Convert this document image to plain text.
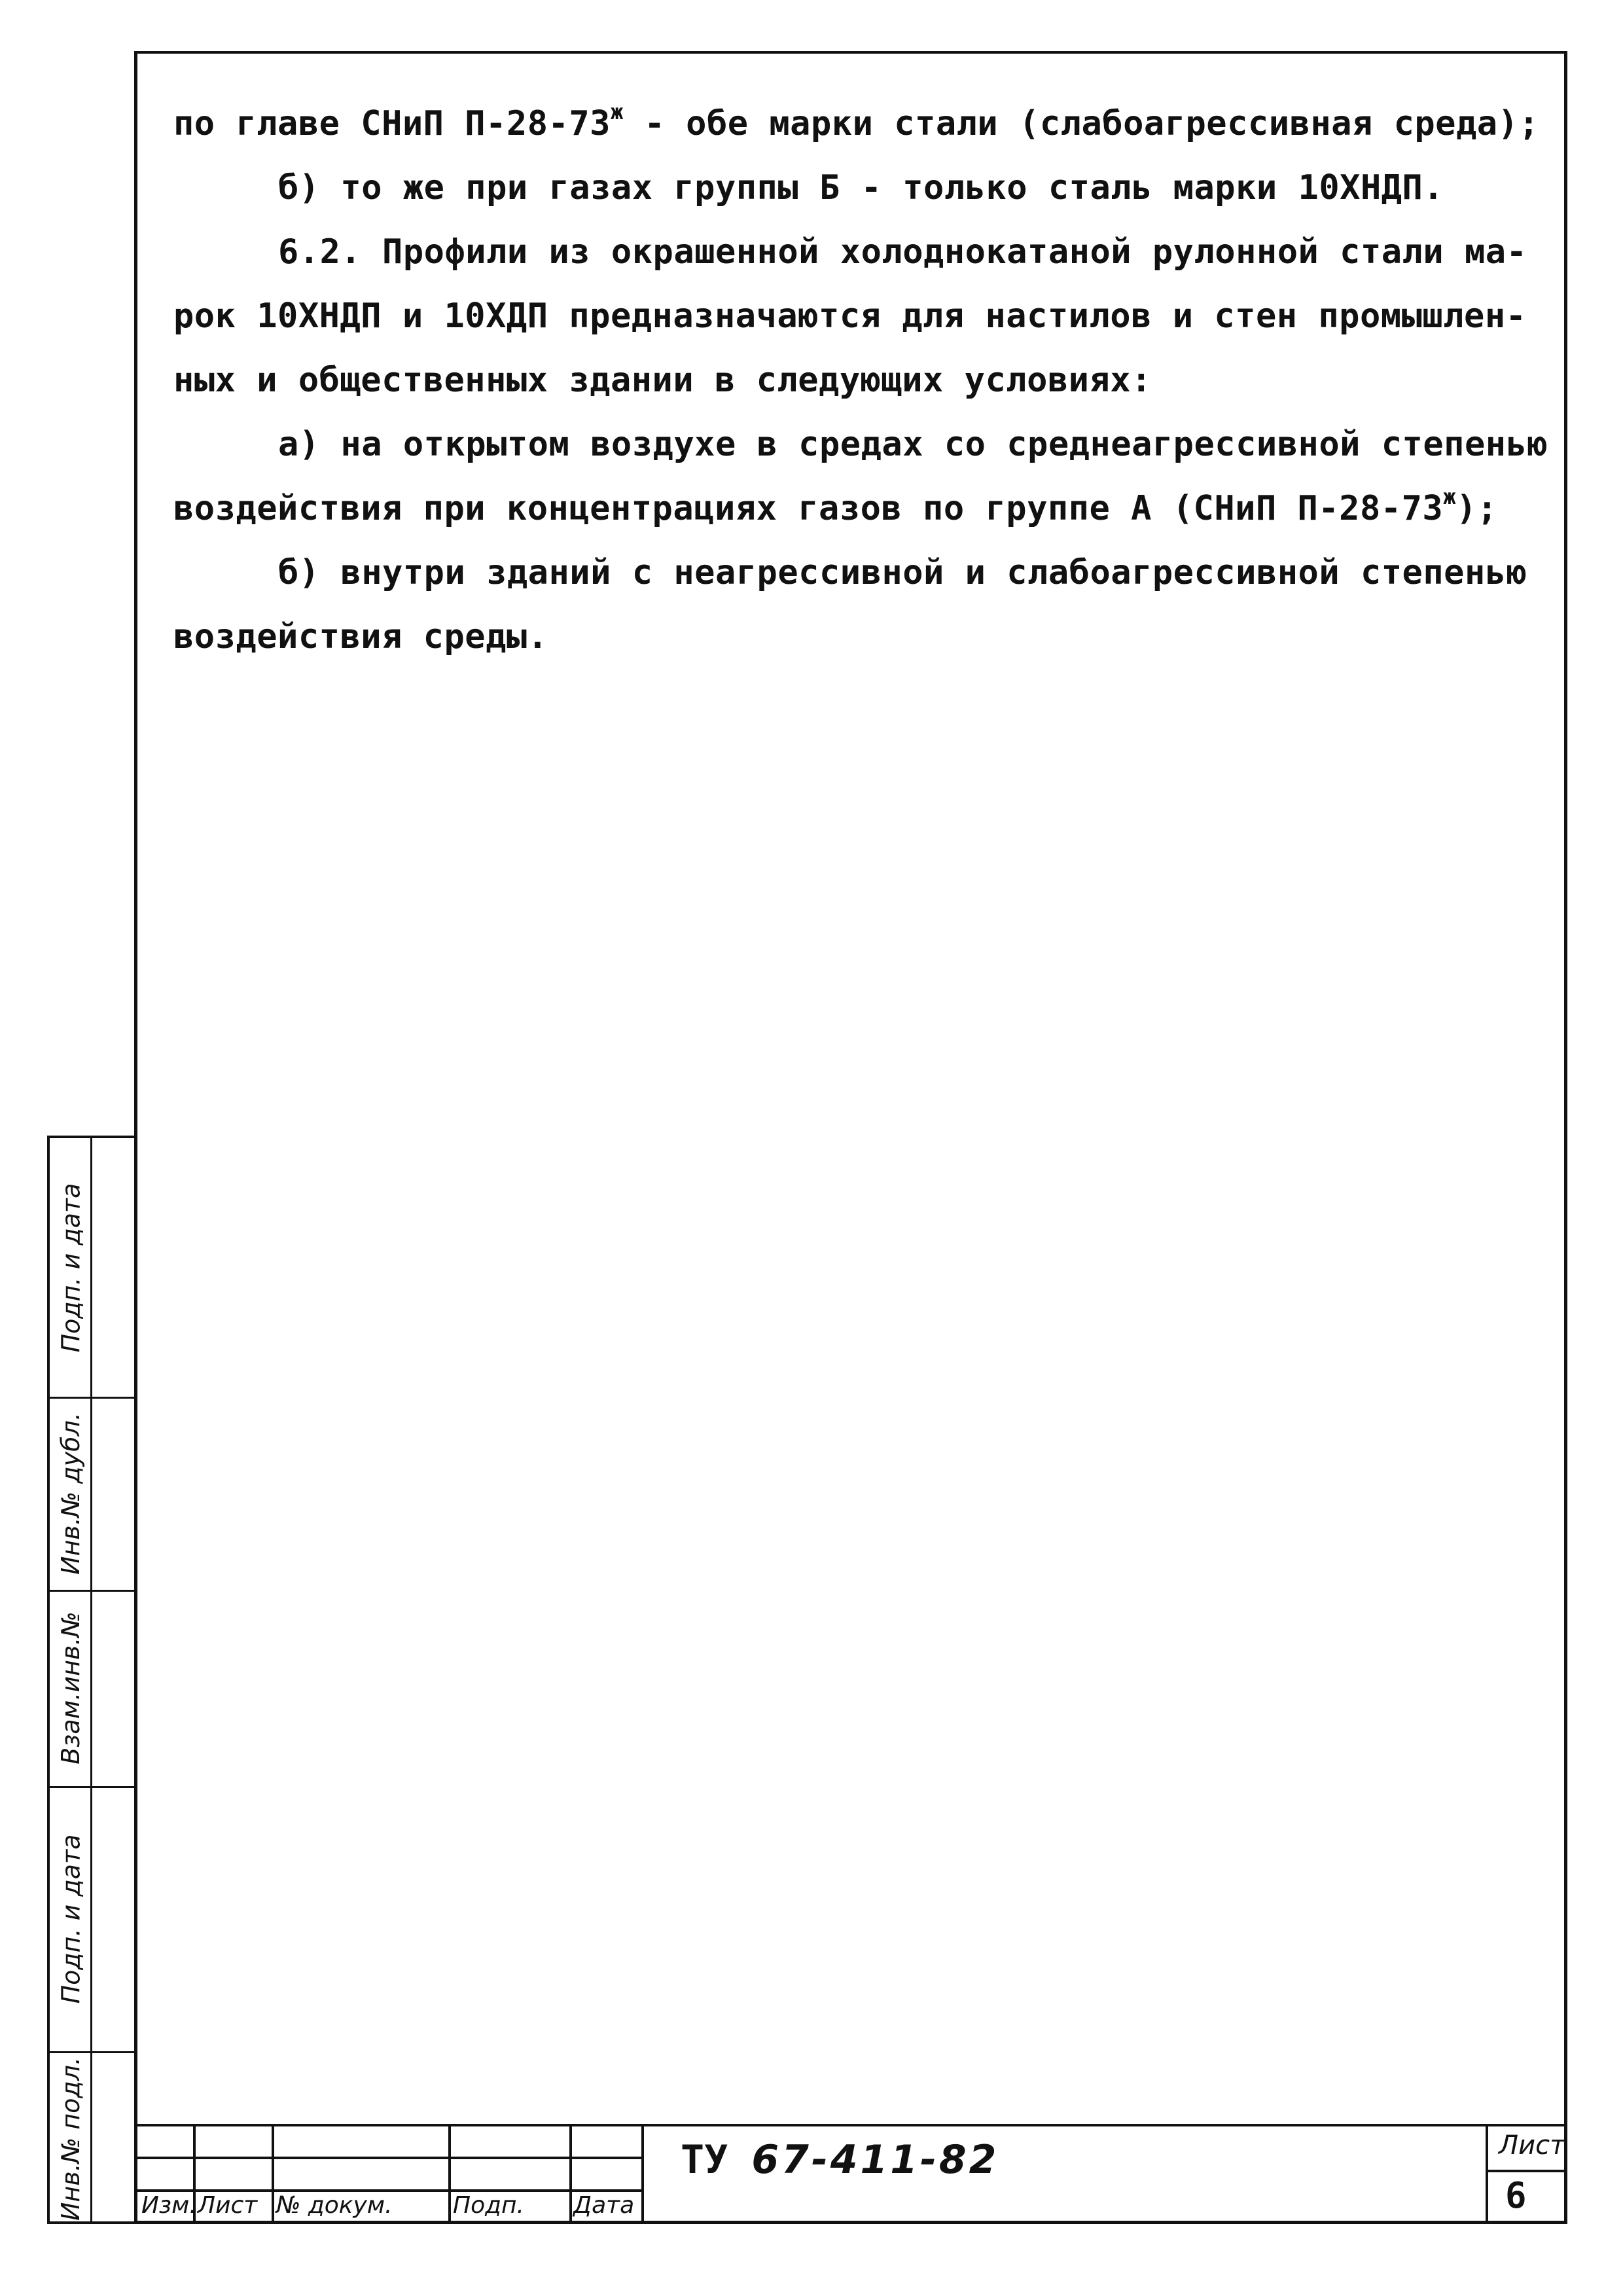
по главе СНиП $П-28-73^ж$ - обе марки стали (слабоагрессивная среда);
б) то же при газах группы Б - только сталь марки 10ХНДП.
6.2. Профили из окрашенной холоднокатаной рулонной стали ма-
рок 10ХНДП и 10ХДП предназначаются для настилов и стен промышлен-
ных и общественных здании в следующих условиях:
а) на открытом воздухе в средах со среднеагрессивной степенью
воздействия при концентрациях газов по группе А (СНиП $П-28-73^ж$);
б) внутри зданий с неагрессивной и слабоагрессивной степенью
воздействия среды.
Подп. и дата
Инв.№ дубл.
Взам.инв.№
Подп. и дата
Инв.№ подл. Изм. Лист № докум.	Подп. Дата
ТУ 67-411-82	Лист
6
